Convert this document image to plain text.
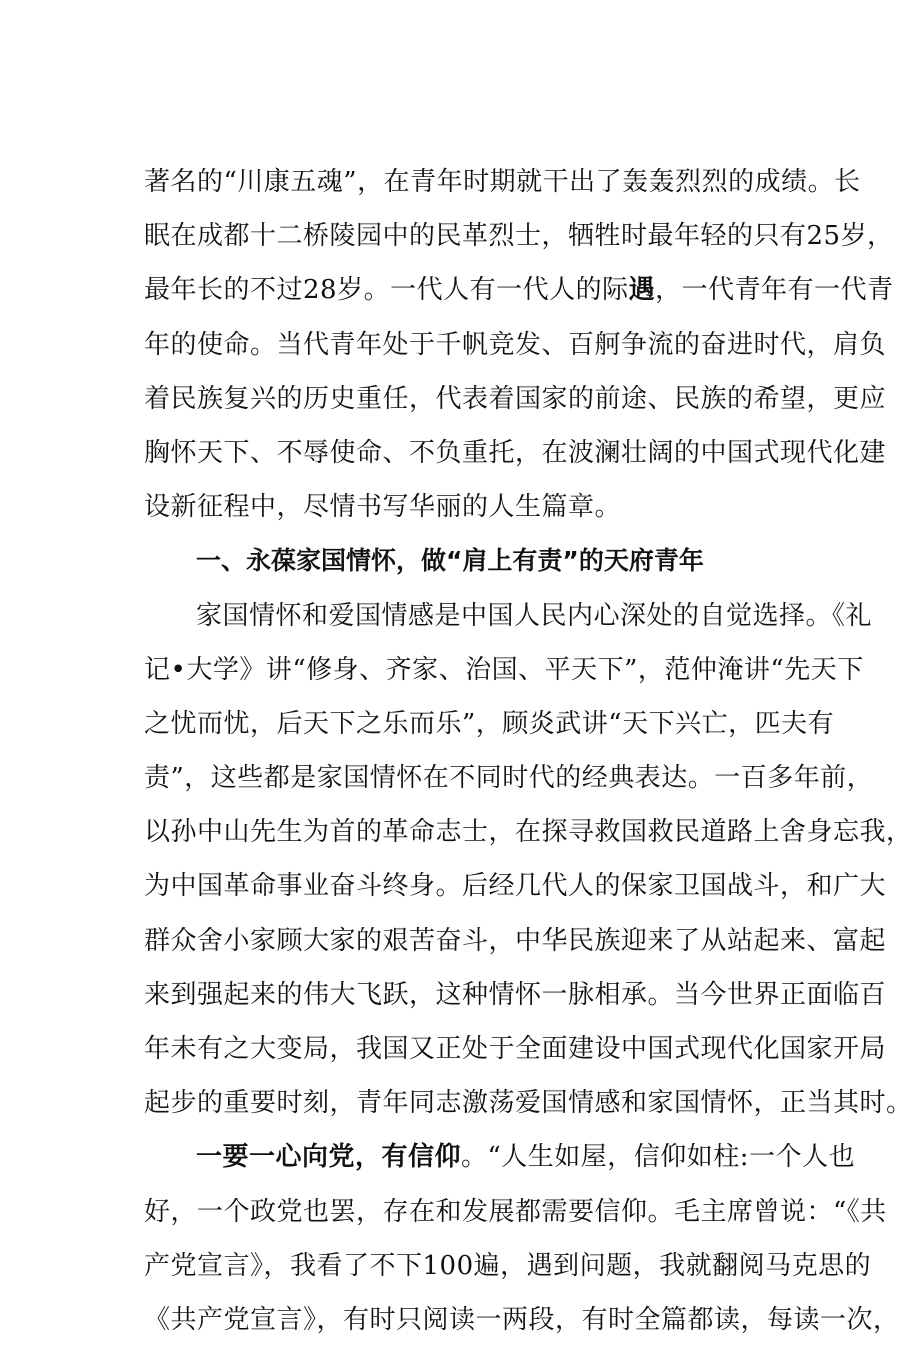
著名的“川康五魂”，在青年时期就干出了轰轰烈烈的成绩。长
眠在成都十二桥陵园中的民革烈士，牺牲时最年轻的只有25岁，
最年长的不过28岁。一代人有一代人的际遇，一代青年有一代青
年的使命。当代青年处于千帆竞发、百舸争流的奋进时代，肩负
着民族复兴的历史重任，代表着国家的前途、民族的希望，更应
胸怀天下、不辱使命、不负重托，在波澜壮阔的中国式现代化建
设新征程中，尽情书写华丽的人生篇章。
一、永葆家国情怀，做“肩上有责”的天府青年
家国情怀和爱国情感是中国人民内心深处的自觉选择。《礼
记•大学》讲“修身、齐家、治国、平天下”，范仲淹讲“先天下
之忧而忧，后天下之乐而乐”，顾炎武讲“天下兴亡，匹夫有
责”，这些都是家国情怀在不同时代的经典表达。一百多年前，
以孙中山先生为首的革命志士，在探寻救国救民道路上舍身忘我，
为中国革命事业奋斗终身。后经几代人的保家卫国战斗，和广大
群众舍小家顾大家的艰苦奋斗，中华民族迎来了从站起来、富起
来到强起来的伟大飞跃，这种情怀一脉相承。当今世界正面临百
年未有之大变局，我国又正处于全面建设中国式现代化国家开局
起步的重要时刻，青年同志激荡爱国情感和家国情怀，正当其时。
一要一心向党，有信仰。“人生如屋，信仰如柱:一个人也
好，一个政党也罢，存在和发展都需要信仰。毛主席曾说：“《共
产党宣言》，我看了不下100遍，遇到问题，我就翻阅马克思的
《共产党宣言》，有时只阅读一两段，有时全篇都读，每读一次，
